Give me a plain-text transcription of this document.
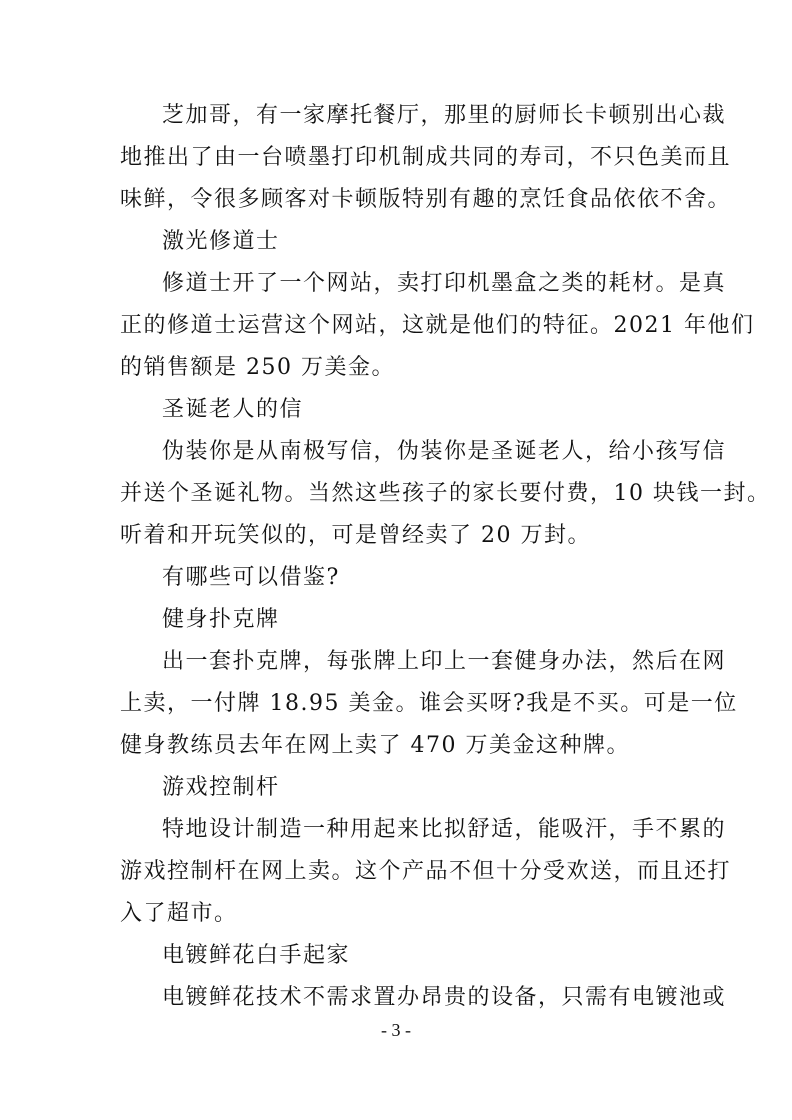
芝加哥，有一家摩托餐厅，那里的厨师长卡顿别出心裁
地推出了由一台喷墨打印机制成共同的寿司，不只色美而且
味鲜，令很多顾客对卡顿版特别有趣的烹饪食品依依不舍。
激光修道士
修道士开了一个网站，卖打印机墨盒之类的耗材。是真
正的修道士运营这个网站，这就是他们的特征。2021 年他们
的销售额是 250 万美金。
圣诞老人的信
伪装你是从南极写信，伪装你是圣诞老人，给小孩写信
并送个圣诞礼物。当然这些孩子的家长要付费，10 块钱一封。
听着和开玩笑似的，可是曾经卖了 20 万封。
有哪些可以借鉴?
健身扑克牌
出一套扑克牌，每张牌上印上一套健身办法，然后在网
上卖，一付牌 18.95 美金。谁会买呀?我是不买。可是一位
健身教练员去年在网上卖了 470 万美金这种牌。
游戏控制杆
特地设计制造一种用起来比拟舒适，能吸汗，手不累的
游戏控制杆在网上卖。这个产品不但十分受欢送，而且还打
入了超市。
电镀鲜花白手起家
电镀鲜花技术不需求置办昂贵的设备，只需有电镀池或
- 3 -
